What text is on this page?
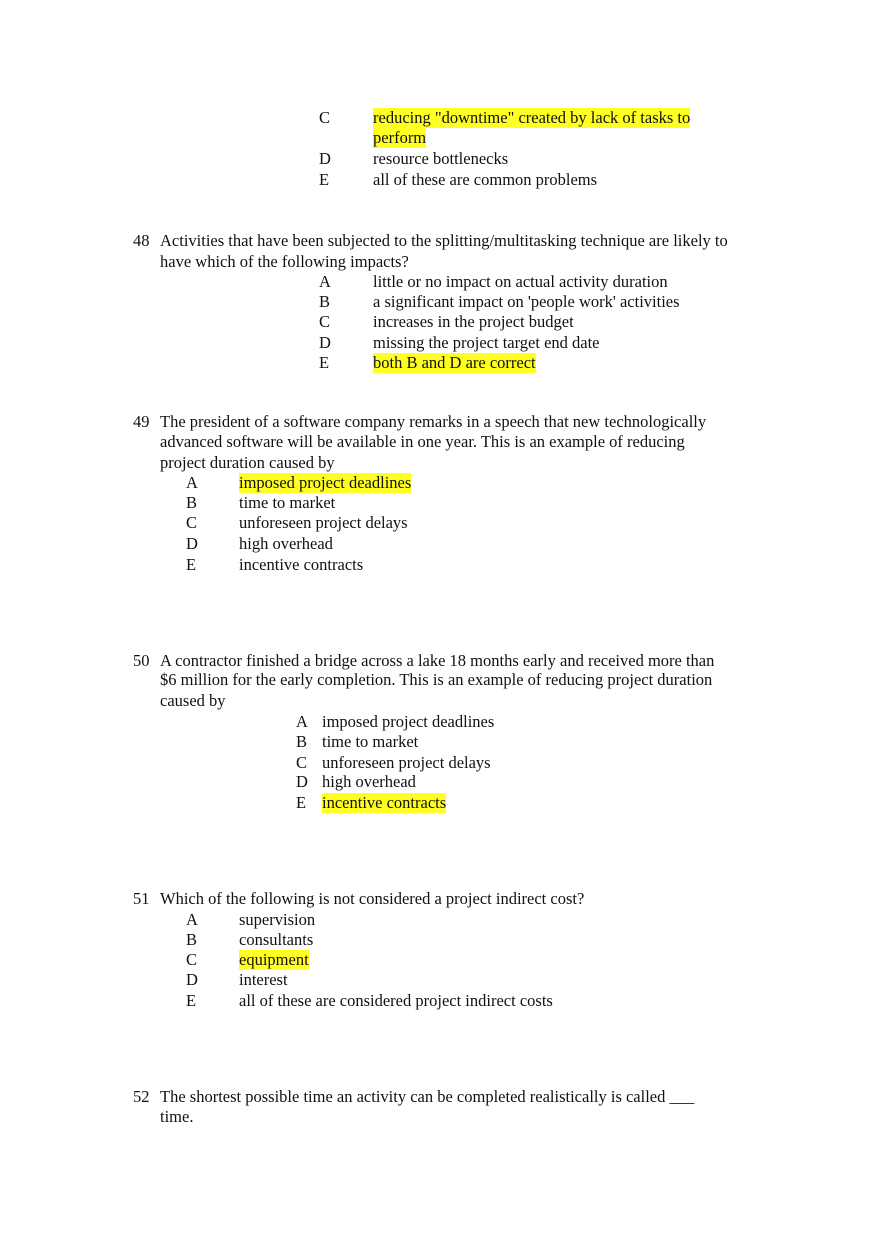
C	reducing "downtime" created by lack of tasks to
perform
D	resource bottlenecks
E	all of these are common problems
48 Activities that have been subjected to the splitting/multitasking technique are likely to
have which of the following impacts?
A	little or no impact on actual activity duration
B	a significant impact on 'people work' activities
C	increases in the project budget
D	missing the project target end date
E	both B and D are correct
49 The president of a software company remarks in a speech that new technologically
advanced software will be available in one year. This is an example of reducing
project duration caused by
A imposed project deadlines
B	time to market
C	unforeseen project delays
D high overhead
E	incentive contracts
50 A contractor finished a bridge across a lake 18 months early and received more than
$6 million for the early completion. This is an example of reducing project duration
caused by
A imposed project deadlines
B time to market
C unforeseen project delays
D high overhead
E incentive contracts
51 Which of the following is not considered a project indirect cost?
A supervision
B	consultants
C	equipment
D interest
E	all of these are considered project indirect costs
52 The shortest possible time an activity can be completed realistically is called ___
time.
